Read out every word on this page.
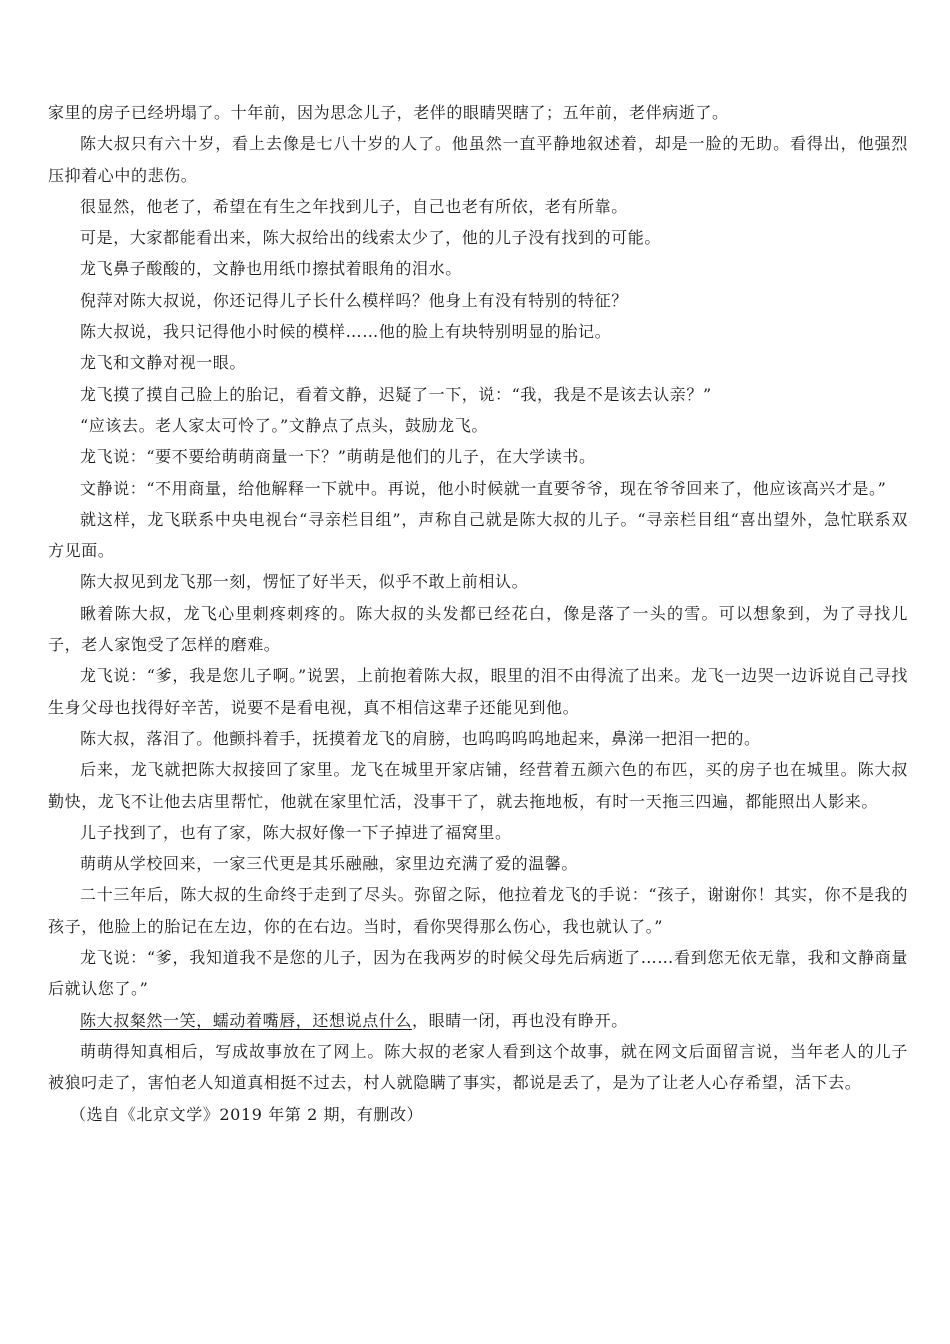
家里的房子已经坍塌了。十年前，因为思念儿子，老伴的眼睛哭瞎了；五年前，老伴病逝了。

陈大叔只有六十岁，看上去像是七八十岁的人了。他虽然一直平静地叙述着，却是一脸的无助。看得出，他强烈压抑着心中的悲伤。

很显然，他老了，希望在有生之年找到儿子，自己也老有所依，老有所靠。

可是，大家都能看出来，陈大叔给出的线索太少了，他的儿子没有找到的可能。

龙飞鼻子酸酸的，文静也用纸巾擦拭着眼角的泪水。

倪萍对陈大叔说，你还记得儿子长什么模样吗？他身上有没有特别的特征？

陈大叔说，我只记得他小时候的模样……他的脸上有块特别明显的胎记。

龙飞和文静对视一眼。

龙飞摸了摸自己脸上的胎记，看着文静，迟疑了一下，说：“我，我是不是该去认亲？”

“应该去。老人家太可怜了。”文静点了点头，鼓励龙飞。

龙飞说：“要不要给萌萌商量一下？”萌萌是他们的儿子，在大学读书。

文静说：“不用商量，给他解释一下就中。再说，他小时候就一直要爷爷，现在爷爷回来了，他应该高兴才是。”

就这样，龙飞联系中央电视台“寻亲栏目组”，声称自己就是陈大叔的儿子。“寻亲栏目组“喜出望外，急忙联系双方见面。

陈大叔见到龙飞那一刻，愣怔了好半天，似乎不敢上前相认。

瞅着陈大叔，龙飞心里刺疼刺疼的。陈大叔的头发都已经花白，像是落了一头的雪。可以想象到，为了寻找儿子，老人家饱受了怎样的磨难。

龙飞说：“爹，我是您儿子啊。”说罢，上前抱着陈大叔，眼里的泪不由得流了出来。龙飞一边哭一边诉说自己寻找生身父母也找得好辛苦，说要不是看电视，真不相信这辈子还能见到他。

陈大叔，落泪了。他颤抖着手，抚摸着龙飞的肩膀，也呜呜呜呜地起来，鼻涕一把泪一把的。

后来，龙飞就把陈大叔接回了家里。龙飞在城里开家店铺，经营着五颜六色的布匹，买的房子也在城里。陈大叔勤快，龙飞不让他去店里帮忙，他就在家里忙活，没事干了，就去拖地板，有时一天拖三四遍，都能照出人影来。

儿子找到了，也有了家，陈大叔好像一下子掉进了福窝里。

萌萌从学校回来，一家三代更是其乐融融，家里边充满了爱的温馨。

二十三年后，陈大叔的生命终于走到了尽头。弥留之际，他拉着龙飞的手说：“孩子，谢谢你！其实，你不是我的孩子，他脸上的胎记在左边，你的在右边。当时，看你哭得那么伤心，我也就认了。”

龙飞说：“爹，我知道我不是您的儿子，因为在我两岁的时候父母先后病逝了……看到您无依无靠，我和文静商量后就认您了。”

陈大叔粲然一笑，蠕动着嘴唇，还想说点什么，眼睛一闭，再也没有睁开。

萌萌得知真相后，写成故事放在了网上。陈大叔的老家人看到这个故事，就在网文后面留言说，当年老人的儿子被狼叼走了，害怕老人知道真相挺不过去，村人就隐瞒了事实，都说是丢了，是为了让老人心存希望，活下去。

（选自《北京文学》2019 年第 2 期，有删改）
